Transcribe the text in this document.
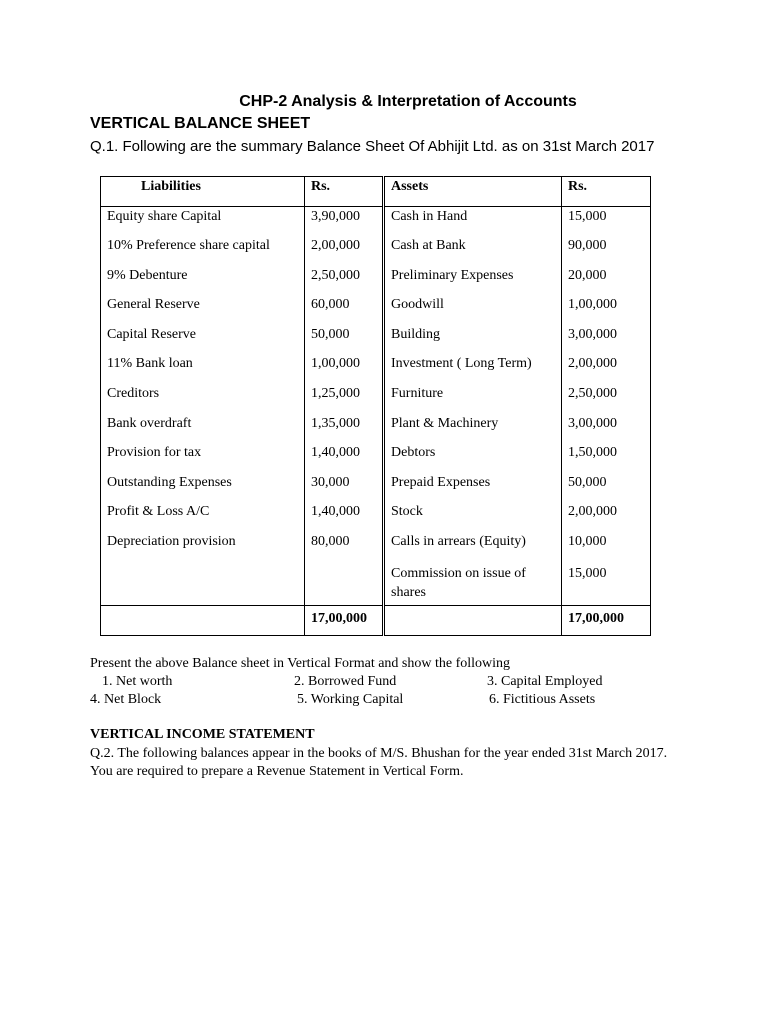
CHP-2 Analysis & Interpretation of Accounts
VERTICAL BALANCE SHEET
Q.1. Following are the summary Balance Sheet Of Abhijit Ltd. as on 31st March 2017
Liabilities	Rs.	Assets	Rs.
Equity share Capital	3,90,000	Cash in Hand	15,000
10% Preference share capital	2,00,000	Cash at Bank	90,000
9% Debenture	2,50,000	Preliminary Expenses	20,000
General Reserve	60,000	Goodwill	1,00,000
Capital Reserve	50,000	Building	3,00,000
11% Bank loan	1,00,000	Investment ( Long Term)	2,00,000
Creditors	1,25,000	Furniture	2,50,000
Bank overdraft	1,35,000	Plant & Machinery	3,00,000
Provision for tax	1,40,000	Debtors	1,50,000
Outstanding Expenses	30,000	Prepaid Expenses	50,000
Profit & Loss A/C	1,40,000	Stock	2,00,000
Depreciation provision	80,000	Calls in arrears (Equity)	10,000
		Commission on issue of shares	15,000
	17,00,000		17,00,000
Present the above Balance sheet in Vertical Format and show the following
1. Net worth	2. Borrowed Fund	3. Capital Employed
4. Net Block	5. Working Capital	6. Fictitious Assets
VERTICAL INCOME STATEMENT
Q.2. The following balances appear in the books of M/S. Bhushan for the year ended 31st March 2017. You are required to prepare a Revenue Statement in Vertical Form.
